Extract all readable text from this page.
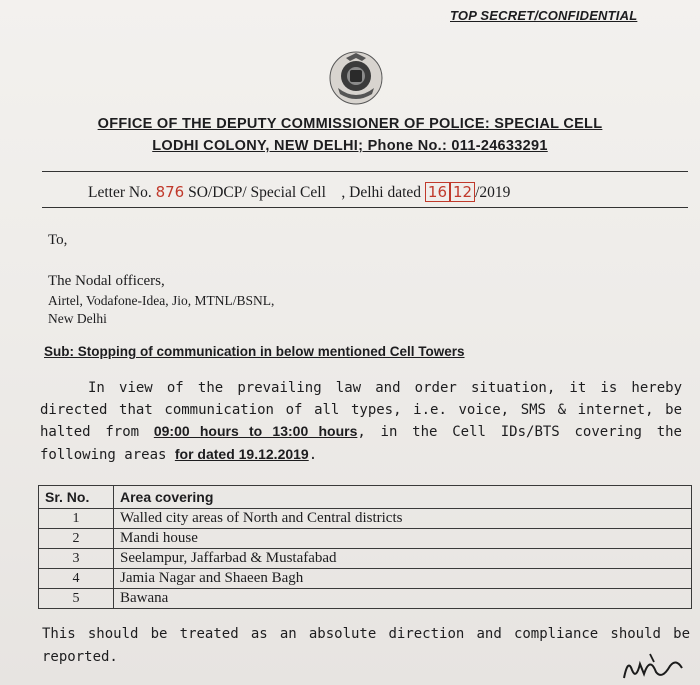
TOP SECRET/CONFIDENTIAL
OFFICE OF THE DEPUTY COMMISSIONER OF POLICE: SPECIAL CELL
LODHI COLONY, NEW DELHI; Phone No.: 011-24633291
Letter No. 876 SO/DCP/ Special Cell , Delhi dated 16 12 /2019
To,
The Nodal officers,
Airtel, Vodafone-Idea, Jio, MTNL/BSNL,
New Delhi
Sub: Stopping of communication in below mentioned Cell Towers
In view of the prevailing law and order situation, it is hereby directed that communication of all types, i.e. voice, SMS & internet, be halted from 09:00 hours to 13:00 hours, in the Cell IDs/BTS covering the following areas for dated 19.12.2019.
Sr. No.	Area covering
1	Walled city areas of North and Central districts
2	Mandi house
3	Seelampur, Jaffarbad & Mustafabad
4	Jamia Nagar and Shaeen Bagh
5	Bawana
This should be treated as an absolute direction and compliance should be reported.
